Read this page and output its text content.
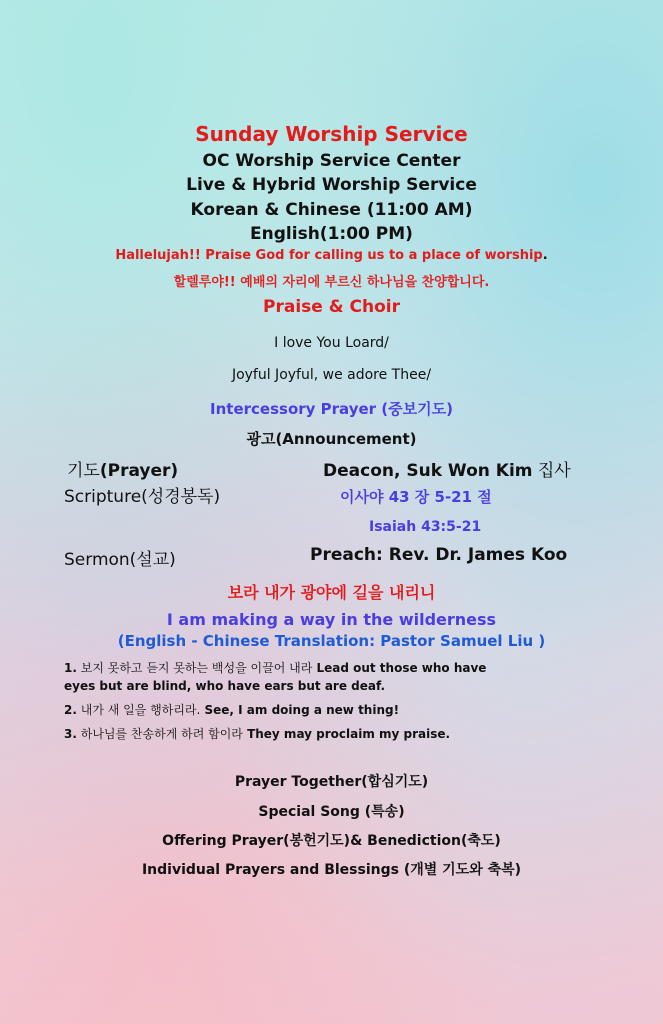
Sunday Worship Service
OC Worship Service Center
Live & Hybrid Worship Service
Korean & Chinese (11:00 AM)
English(1:00 PM)
Hallelujah!! Praise God for calling us to a place of worship.
할렐루야!! 예배의 자리에 부르신 하나님을 찬양합니다.
Praise & Choir
I love You Loard/
Joyful Joyful, we adore Thee/
Intercessory Prayer (중보기도)
광고(Announcement)
기도(Prayer)	Deacon, Suk Won Kim 집사
Scripture(성경봉독)	이사야 43 장 5-21 절
Isaiah 43:5-21
Sermon(설교)	Preach: Rev. Dr. James Koo
보라 내가 광야에 길을 내리니
I am making a way in the wilderness
(English - Chinese Translation: Pastor Samuel Liu )
1. 보지 못하고 듣지 못하는 백성을 이끌어 내라 Lead out those who have
eyes but are blind, who have ears but are deaf.
2. 내가 새 일을 행하리라. See, I am doing a new thing!
3. 하나님를 찬송하게 하려 함이라 They may proclaim my praise.
Prayer Together(합심기도)
Special Song (특송)
Offering Prayer(봉헌기도)& Benediction(축도)
Individual Prayers and Blessings (개별 기도와 축복)
